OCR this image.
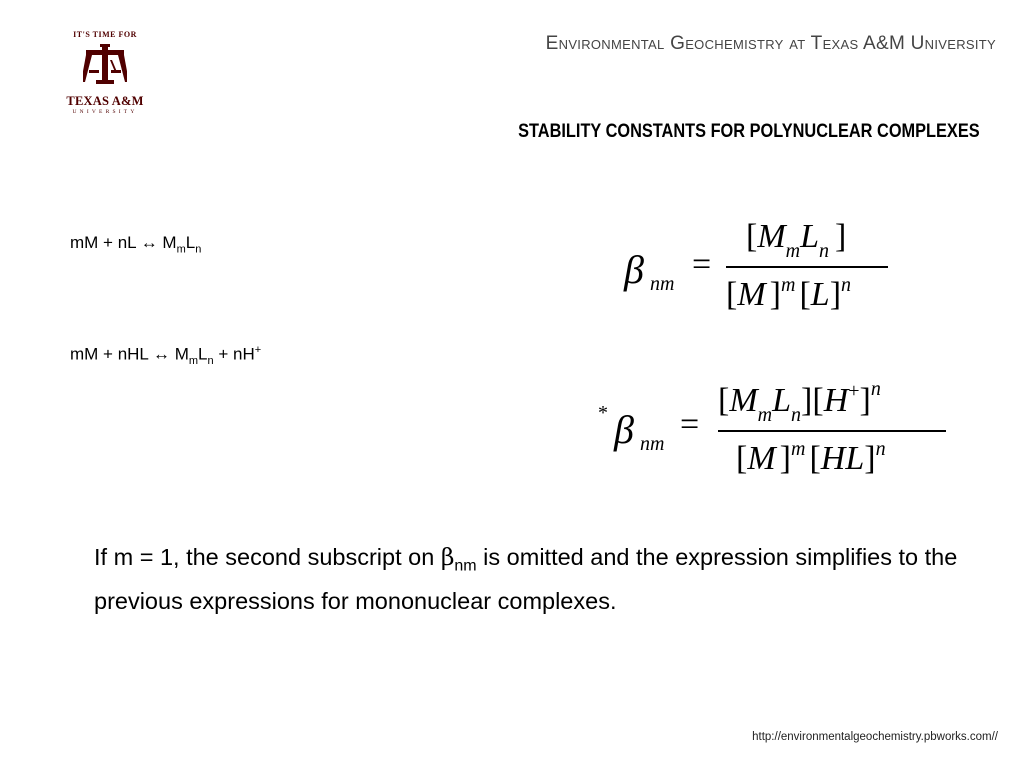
IT'S TIME FOR
TEXAS A&M
UNIVERSITY
Environmental Geochemistry at Texas A&M University
STABILITY CONSTANTS FOR POLYNUCLEAR COMPLEXES
mM + nL ↔ $M_mL_n$
mM + nHL ↔ $M_mL_n + nH^+$
β nm
=
[MmLn ]
[M ]m [L]n
* β nm
=
[MmLn][H+]n
[M ]m [HL]n
If m = 1, the second subscript on $\beta_{nm}$ is omitted and the expression simplifies to the previous expressions for mononuclear complexes.
http://environmentalgeochemistry.pbworks.com//
